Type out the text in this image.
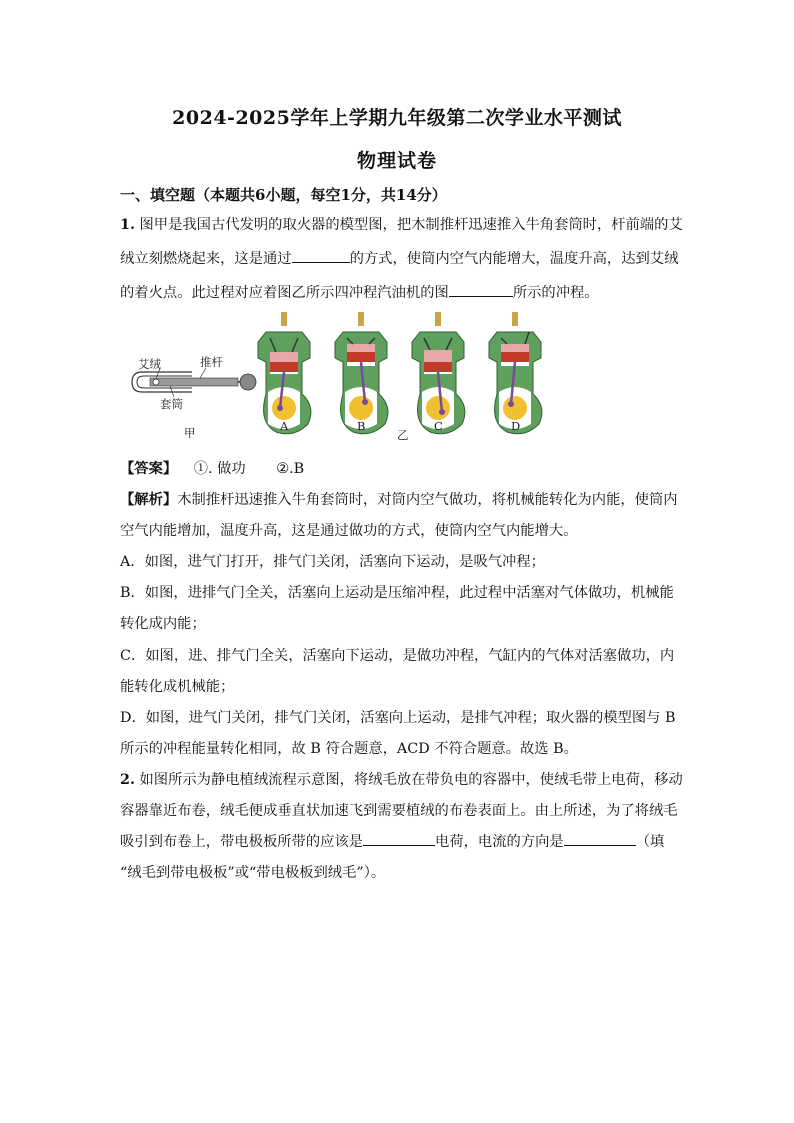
2024-2025学年上学期九年级第二次学业水平测试
物理试卷
一、填空题（本题共6小题，每空1分，共14分）
1. 图甲是我国古代发明的取火器的模型图，把木制推杆迅速推入牛角套筒时，杆前端的艾
绒立刻燃烧起来，这是通过	的方式，使筒内空气内能增大，温度升高，达到艾绒
的着火点。此过程对应着图乙所示四冲程汽油机的图	所示的冲程。
艾绒	推杆
套筒
甲	A	B	C	D
乙
【答案】 ①. 做功 ②.B
【解析】木制推杆迅速推入牛角套筒时，对筒内空气做功，将机械能转化为内能，使筒内
空气内能增加，温度升高，这是通过做功的方式，使筒内空气内能增大。
A．如图，进气门打开，排气门关闭，活塞向下运动，是吸气冲程；
B．如图，进排气门全关，活塞向上运动是压缩冲程，此过程中活塞对气体做功，机械能
转化成内能；
C．如图，进、排气门全关，活塞向下运动，是做功冲程，气缸内的气体对活塞做功，内
能转化成机械能；
D．如图，进气门关闭，排气门关闭，活塞向上运动，是排气冲程；取火器的模型图与 B
所示的冲程能量转化相同，故 B 符合题意，ACD 不符合题意。故选 B。
2. 如图所示为静电植绒流程示意图，将绒毛放在带负电的容器中，使绒毛带上电荷，移动
容器靠近布卷，绒毛便成垂直状加速飞到需要植绒的布卷表面上。由上所述，为了将绒毛
吸引到布卷上，带电极板所带的应该是	电荷，电流的方向是	（填
“绒毛到带电极板”或“带电极板到绒毛”）。
